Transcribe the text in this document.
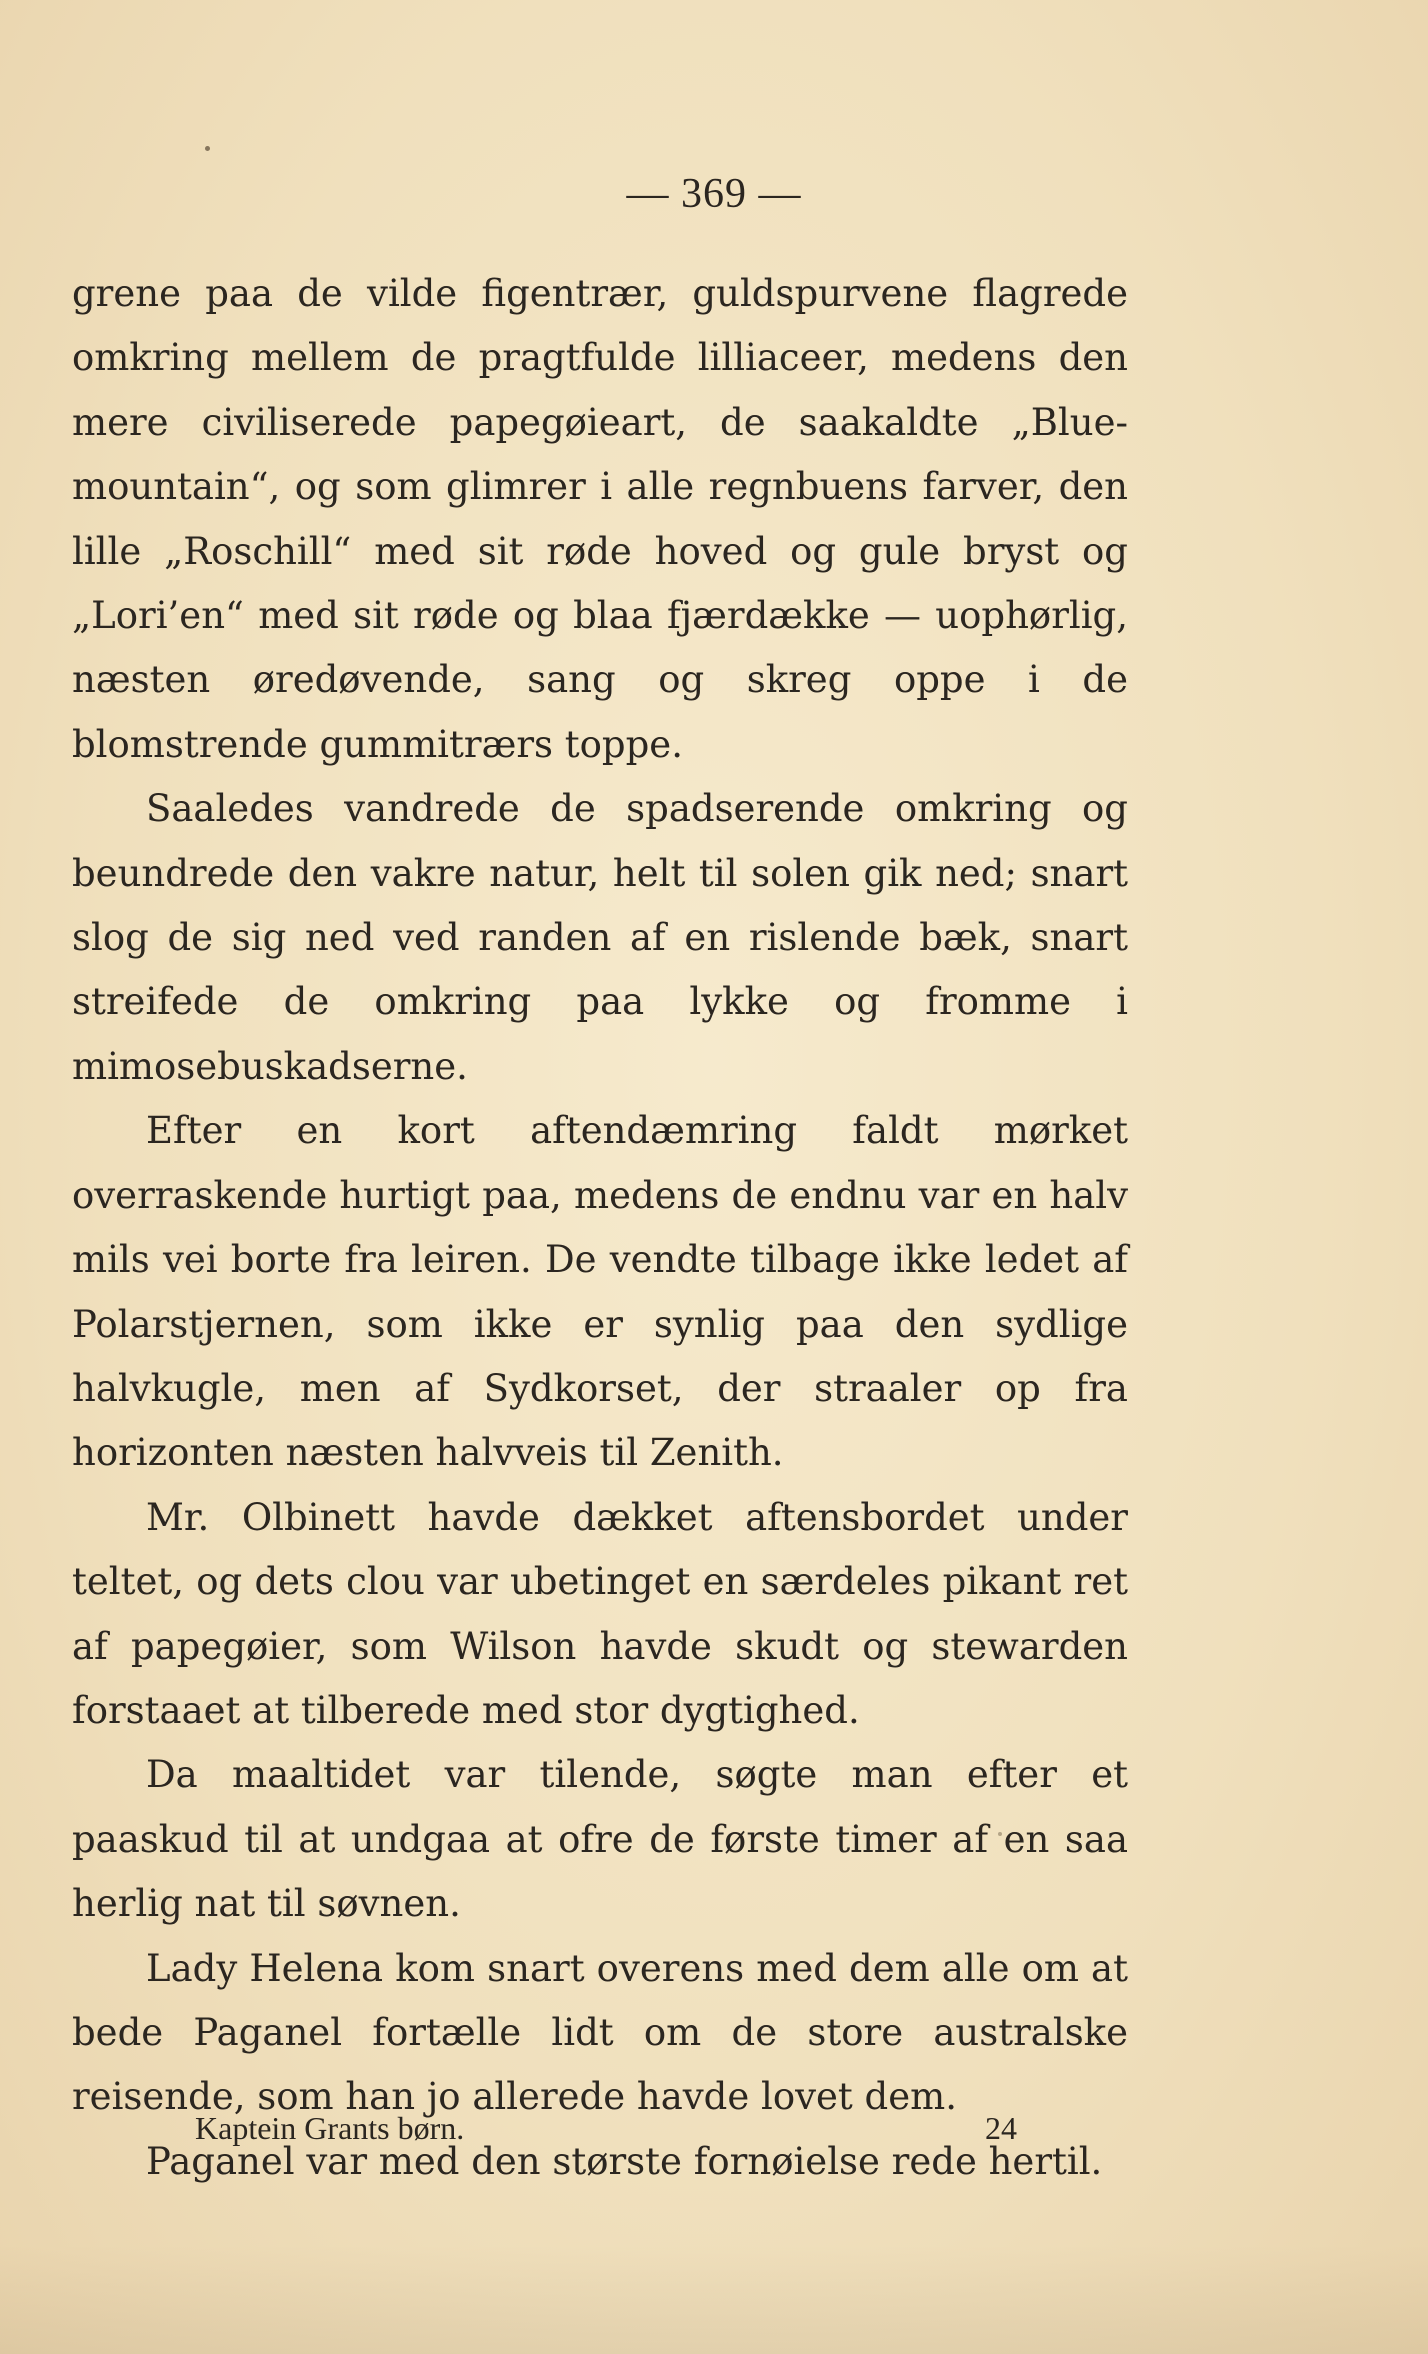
— 369 —

grene paa de vilde figentrær, guldspurvene flagrede omkring mellem de pragtfulde lilliaceer, medens den mere civiliserede papegøieart, de saakaldte „Blue-mountain“, og som glimrer i alle regnbuens farver, den lille „Roschill“ med sit røde hoved og gule bryst og „Lori’en“ med sit røde og blaa fjærdække — uophørlig, næsten øredøvende, sang og skreg oppe i de blomstrende gummitrærs toppe.

Saaledes vandrede de spadserende omkring og beundrede den vakre natur, helt til solen gik ned; snart slog de sig ned ved randen af en rislende bæk, snart streifede de omkring paa lykke og fromme i mimosebuskadserne.

Efter en kort aftendæmring faldt mørket overraskende hurtigt paa, medens de endnu var en halv mils vei borte fra leiren. De vendte tilbage ikke ledet af Polarstjernen, som ikke er synlig paa den sydlige halvkugle, men af Sydkorset, der straaler op fra horizonten næsten halvveis til Zenith.

Mr. Olbinett havde dækket aftensbordet under teltet, og dets clou var ubetinget en særdeles pikant ret af papegøier, som Wilson havde skudt og stewarden forstaaet at tilberede med stor dygtighed.

Da maaltidet var tilende, søgte man efter et paaskud til at undgaa at ofre de første timer af en saa herlig nat til søvnen.

Lady Helena kom snart overens med dem alle om at bede Paganel fortælle lidt om de store australske reisende, som han jo allerede havde lovet dem.

Paganel var med den største fornøielse rede hertil.

Kaptein Grants børn.	24
